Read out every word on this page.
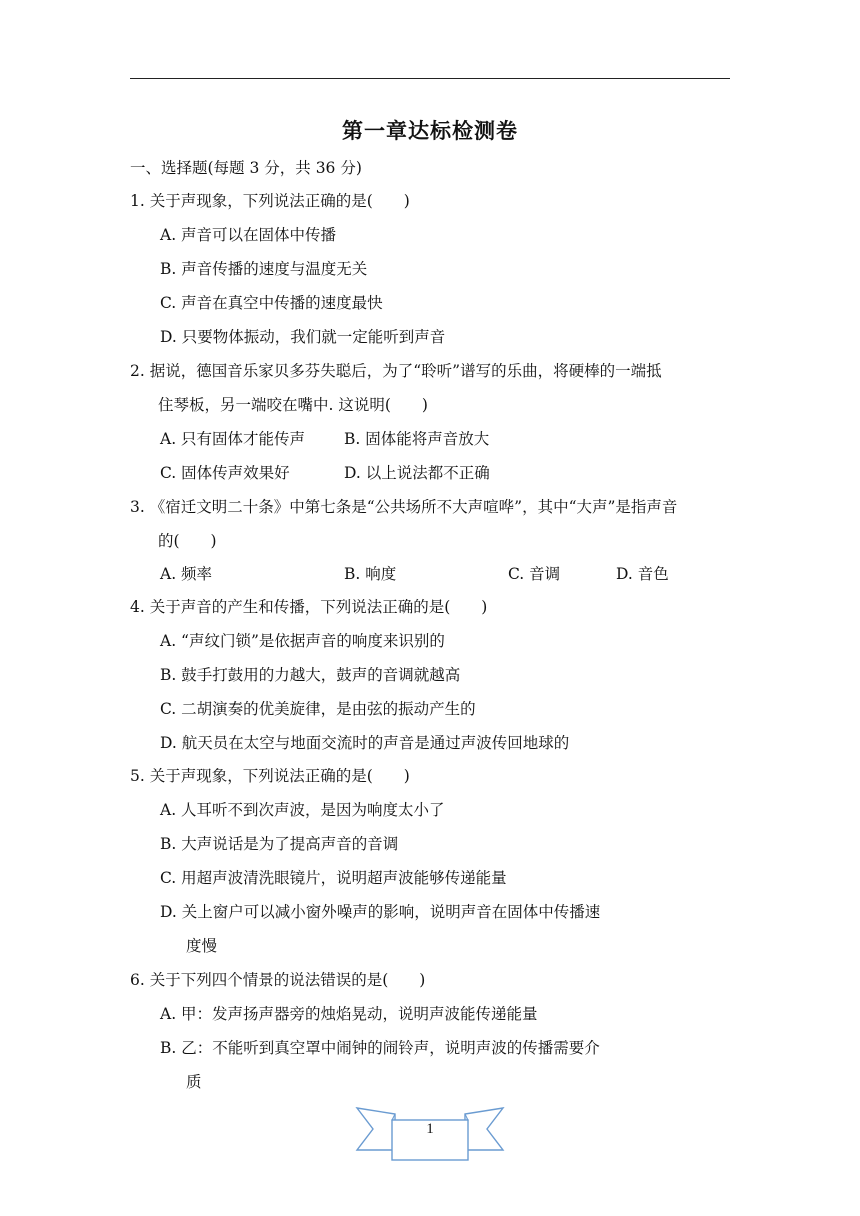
第一章达标检测卷
一、选择题(每题 3 分，共 36 分)
1. 关于声现象，下列说法正确的是(　　)
A. 声音可以在固体中传播
B. 声音传播的速度与温度无关
C. 声音在真空中传播的速度最快
D. 只要物体振动，我们就一定能听到声音
2. 据说，德国音乐家贝多芬失聪后，为了“聆听”谱写的乐曲，将硬棒的一端抵
住琴板，另一端咬在嘴中. 这说明(　　)
A. 只有固体才能传声	B. 固体能将声音放大
C. 固体传声效果好	D. 以上说法都不正确
3. 《宿迁文明二十条》中第七条是“公共场所不大声喧哗”，其中“大声”是指声音
的(　　)
A. 频率	B. 响度	C. 音调	D. 音色
4. 关于声音的产生和传播，下列说法正确的是(　　)
A. “声纹门锁”是依据声音的响度来识别的
B. 鼓手打鼓用的力越大，鼓声的音调就越高
C. 二胡演奏的优美旋律，是由弦的振动产生的
D. 航天员在太空与地面交流时的声音是通过声波传回地球的
5. 关于声现象，下列说法正确的是(　　)
A. 人耳听不到次声波，是因为响度太小了
B. 大声说话是为了提高声音的音调
C. 用超声波清洗眼镜片，说明超声波能够传递能量
D. 关上窗户可以减小窗外噪声的影响，说明声音在固体中传播速
度慢
6. 关于下列四个情景的说法错误的是(　　)
A. 甲：发声扬声器旁的烛焰晃动，说明声波能传递能量
B. 乙：不能听到真空罩中闹钟的闹铃声，说明声波的传播需要介
质
1
